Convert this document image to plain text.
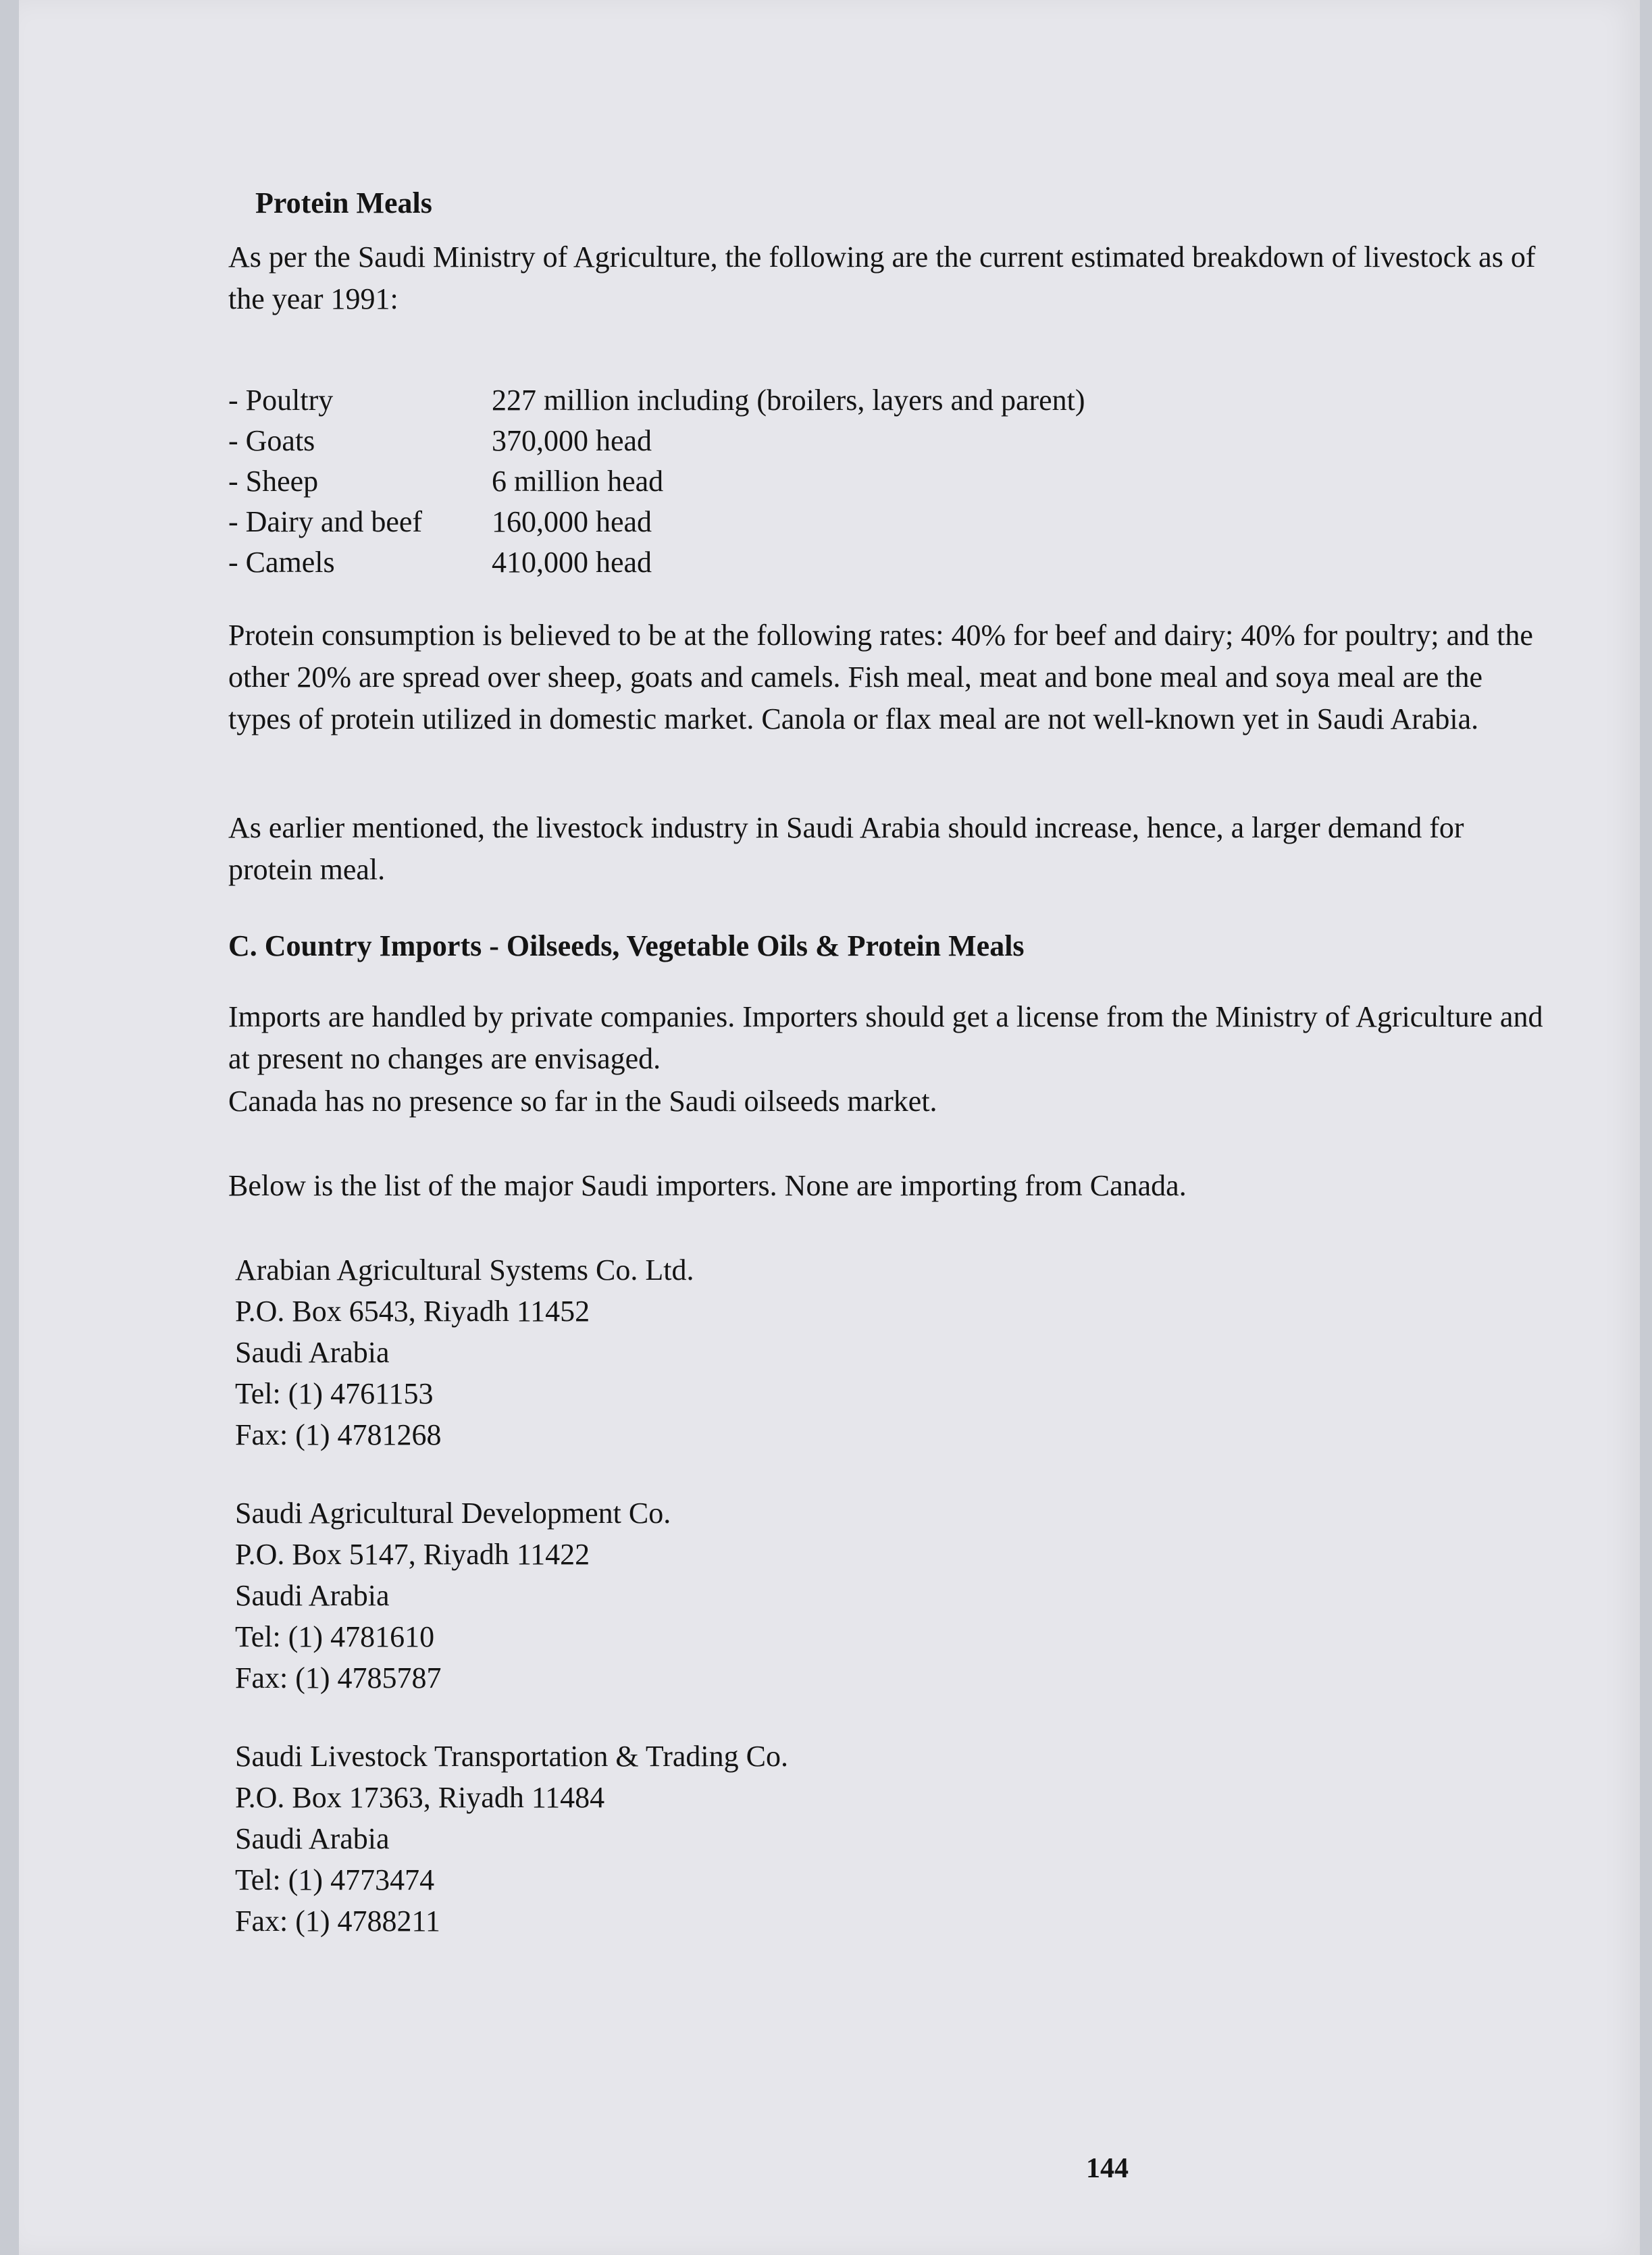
Protein Meals

As per the Saudi Ministry of Agriculture, the following are the current estimated breakdown of livestock as of the year 1991:

- Poultry	227 million including (broilers, layers and parent)
- Goats	370,000 head
- Sheep	6 million head
- Dairy and beef	160,000 head
- Camels	410,000 head

Protein consumption is believed to be at the following rates: 40% for beef and dairy; 40% for poultry; and the other 20% are spread over sheep, goats and camels. Fish meal, meat and bone meal and soya meal are the types of protein utilized in domestic market. Canola or flax meal are not well-known yet in Saudi Arabia.

As earlier mentioned, the livestock industry in Saudi Arabia should increase, hence, a larger demand for protein meal.

C. Country Imports - Oilseeds, Vegetable Oils & Protein Meals

Imports are handled by private companies. Importers should get a license from the Ministry of Agriculture and at present no changes are envisaged.

Canada has no presence so far in the Saudi oilseeds market.

Below is the list of the major Saudi importers. None are importing from Canada.

Arabian Agricultural Systems Co. Ltd.
P.O. Box 6543, Riyadh 11452
Saudi Arabia
Tel: (1) 4761153
Fax: (1) 4781268
Saudi Agricultural Development Co.
P.O. Box 5147, Riyadh 11422
Saudi Arabia
Tel: (1) 4781610
Fax: (1) 4785787
Saudi Livestock Transportation & Trading Co.
P.O. Box 17363, Riyadh 11484
Saudi Arabia
Tel: (1) 4773474
Fax: (1) 4788211
144
